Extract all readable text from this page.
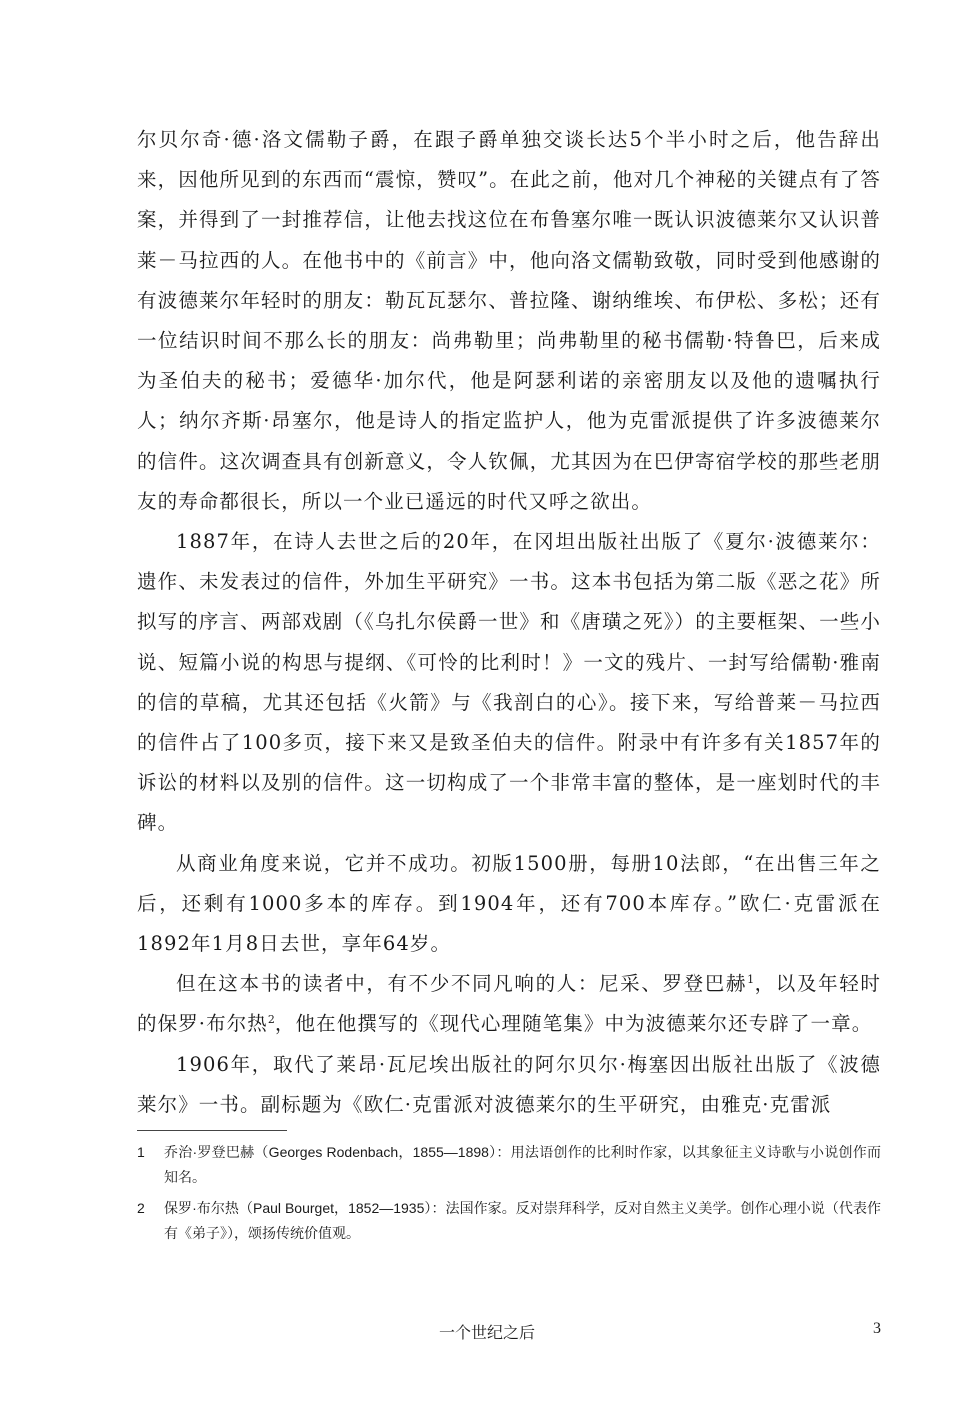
尔贝尔奇·德·洛文儒勒子爵，在跟子爵单独交谈长达5个半小时之后，他告辞出来，因他所见到的东西而“震惊，赞叹”。在此之前，他对几个神秘的关键点有了答案，并得到了一封推荐信，让他去找这位在布鲁塞尔唯一既认识波德莱尔又认识普莱－马拉西的人。在他书中的《前言》中，他向洛文儒勒致敬，同时受到他感谢的有波德莱尔年轻时的朋友：勒瓦瓦瑟尔、普拉隆、谢纳维埃、布伊松、多松；还有一位结识时间不那么长的朋友：尚弗勒里；尚弗勒里的秘书儒勒·特鲁巴，后来成为圣伯夫的秘书；爱德华·加尔代，他是阿瑟利诺的亲密朋友以及他的遗嘱执行人；纳尔齐斯·昂塞尔，他是诗人的指定监护人，他为克雷派提供了许多波德莱尔的信件。这次调查具有创新意义，令人钦佩，尤其因为在巴伊寄宿学校的那些老朋友的寿命都很长，所以一个业已遥远的时代又呼之欲出。

1887年，在诗人去世之后的20年，在冈坦出版社出版了《夏尔·波德莱尔：遗作、未发表过的信件，外加生平研究》一书。这本书包括为第二版《恶之花》所拟写的序言、两部戏剧（《乌扎尔侯爵一世》和《唐璜之死》）的主要框架、一些小说、短篇小说的构思与提纲、《可怜的比利时！》一文的残片、一封写给儒勒·雅南的信的草稿，尤其还包括《火箭》与《我剖白的心》。接下来，写给普莱－马拉西的信件占了100多页，接下来又是致圣伯夫的信件。附录中有许多有关1857年的诉讼的材料以及别的信件。这一切构成了一个非常丰富的整体，是一座划时代的丰碑。

从商业角度来说，它并不成功。初版1500册，每册10法郎，“在出售三年之后，还剩有1000多本的库存。到1904年，还有700本库存。”欧仁·克雷派在1892年1月8日去世，享年64岁。

但在这本书的读者中，有不少不同凡响的人：尼采、罗登巴赫$^1$，以及年轻时的保罗·布尔热$^2$，他在他撰写的《现代心理随笔集》中为波德莱尔还专辟了一章。

1906年，取代了莱昂·瓦尼埃出版社的阿尔贝尔·梅塞因出版社出版了《波德莱尔》一书。副标题为《欧仁·克雷派对波德莱尔的生平研究，由雅克·克雷派

1 乔治·罗登巴赫（Georges Rodenbach，1855—1898）：用法语创作的比利时作家，以其象征主义诗歌与小说创作而知名。
2 保罗·布尔热（Paul Bourget，1852—1935）：法国作家。反对崇拜科学，反对自然主义美学。创作心理小说（代表作有《弟子》），颂扬传统价值观。
一个世纪之后	3
